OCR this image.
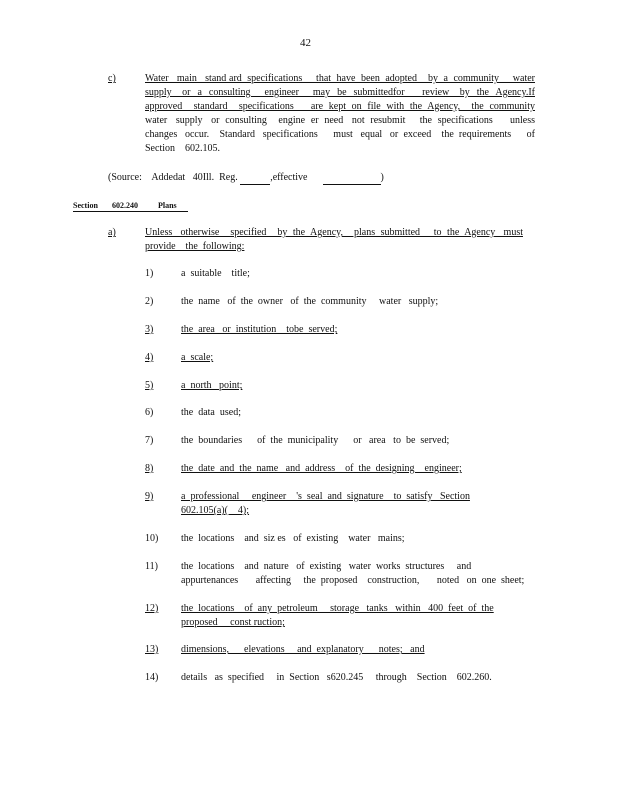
42
c)	Water   main   stand ard  specifications     that  have  been  adopted    by  a  community     water
supply   or  a  consulting    engineer    may  be  submittedfor     review   by  the  Agency.If
approved    standard    specifications      are  kept  on  file  with  the  Agency,    the  community
water   supply   or  consulting    engine  er  need   not  resubmit     the  specifications      unless
changes   occur.    Standard   specifications      must   equal   or  exceed    the  requirements      of
Section    602.105.
(Source:    Addedat   40Ill.  Reg.	,effective	)
Section 602.240	Plans
a)	Unless   otherwise    specified    by  the  Agency,    plans  submitted     to  the  Agency   must
provide    the  following:
1)	a  suitable    title;
2)	the  name   of  the  owner   of  the  community     water   supply;
3)	the  area   or  institution    tobe  served;
4)	a  scale;
5)	a  north   point;
6)	the  data  used;
7)	the  boundaries      of  the  municipality      or   area   to  be  served;
8)	the  date  and  the  name   and  address    of  the  designing    engineer;
9)	a  professional     engineer    's  seal  and  signature    to  satisfy   Section
602.105(a)(    4);
10) the  locations    and  siz es   of  existing    water   mains;
11) the  locations    and  nature   of  existing   water  works  structures     and
appurtenances       affecting     the  proposed    construction,       noted   on  one  sheet;
12) the  locations    of  any  petroleum     storage   tanks   within   400  feet  of  the
proposed     const ruction;
13) dimensions,      elevations     and  explanatory      notes;   and
14) details   as  specified     in  Section   s620.245     through    Section    602.260.
